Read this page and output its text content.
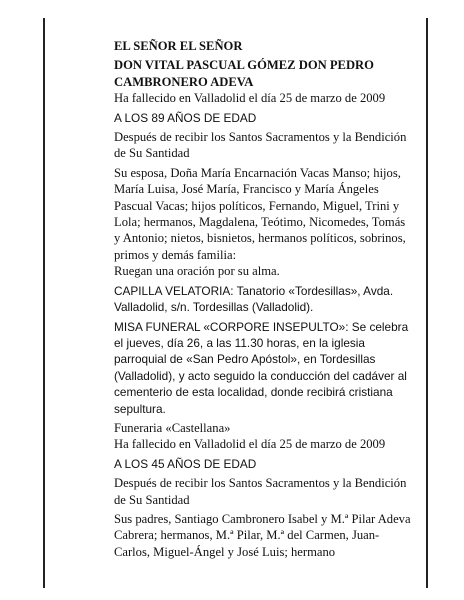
EL SEÑOR EL SEÑOR

DON VITAL PASCUAL GÓMEZ DON PEDRO
CAMBRONERO ADEVA

Ha fallecido en Valladolid el día 25 de marzo de 2009

A LOS 89 AÑOS DE EDAD

Después de recibir los Santos Sacramentos y la Bendición de Su Santidad

Su esposa, Doña María Encarnación Vacas Manso; hijos, María Luisa, José María, Francisco y María Ángeles Pascual Vacas; hijos políticos, Fernando, Miguel, Trini y Lola; hermanos, Magdalena, Teótimo, Nicomedes, Tomás y Antonio; nietos, bisnietos, hermanos políticos, sobrinos, primos y demás familia:

Ruegan una oración por su alma.

CAPILLA VELATORIA: Tanatorio «Tordesillas», Avda. Valladolid, s/n. Tordesillas (Valladolid).

MISA FUNERAL «CORPORE INSEPULTO»: Se celebra el jueves, día 26, a las 11.30 horas, en la iglesia parroquial de «San Pedro Apóstol», en Tordesillas (Valladolid), y acto seguido la conducción del cadáver al cementerio de esta localidad, donde recibirá cristiana sepultura.

Funeraria «Castellana»

Ha fallecido en Valladolid el día 25 de marzo de 2009

A LOS 45 AÑOS DE EDAD

Después de recibir los Santos Sacramentos y la Bendición de Su Santidad

Sus padres, Santiago Cambronero Isabel y M.ª Pilar Adeva Cabrera; hermanos, M.ª Pilar, M.ª del Carmen, Juan-Carlos, Miguel-Ángel y José Luis; hermano
